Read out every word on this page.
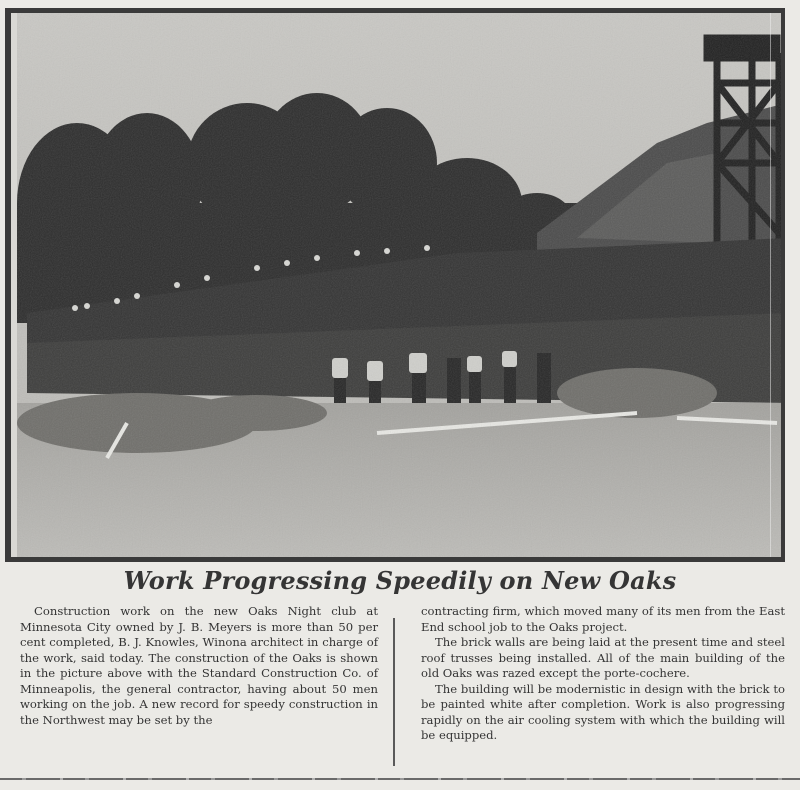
Work Progressing Speedily on New Oaks

Construction work on the new Oaks Night club at Minnesota City owned by J. B. Meyers is more than 50 per cent completed, B. J. Knowles, Winona architect in charge of the work, said today. The construction of the Oaks is shown in the picture above with the Standard Construction Co. of Minneapolis, the general contractor, having about 50 men working on the job. A new record for speedy construction in the Northwest may be set by the

contracting firm, which moved many of its men from the East End school job to the Oaks project.

The brick walls are being laid at the present time and steel roof trusses being installed. All of the main building of the old Oaks was razed except the porte-cochere.

The building will be modernistic in design with the brick to be painted white after completion. Work is also progressing rapidly on the air cooling system with which the building will be equipped.
